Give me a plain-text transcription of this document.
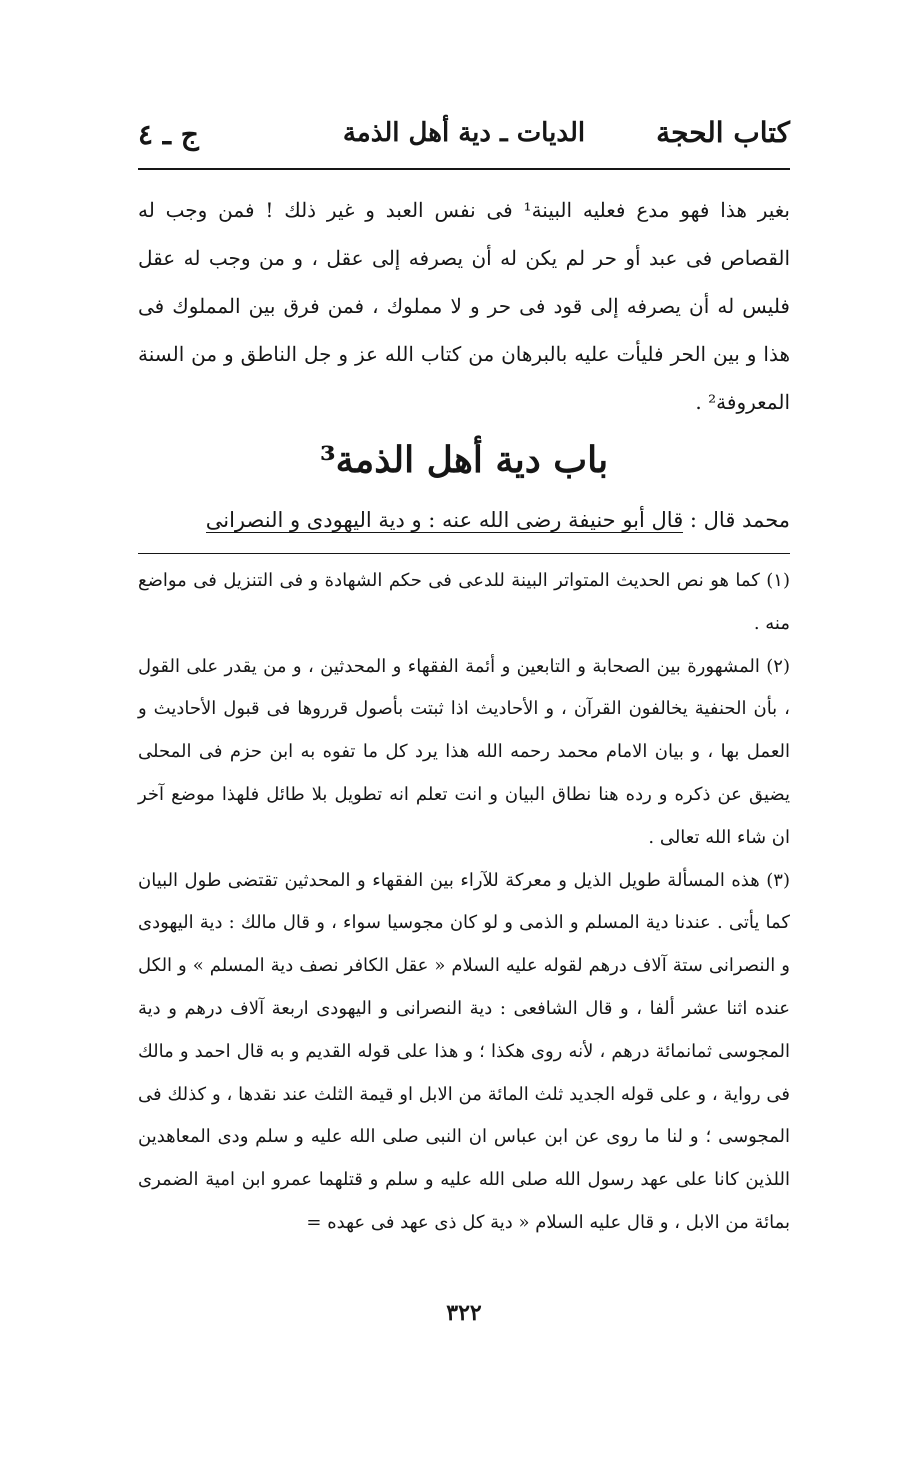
كتاب الحجة
الديات ـ دية أهل الذمة
ج ـ ٤

بغير هذا فهو مدع فعليه البينة¹ فى نفس العبد و غير ذلك ! فمن وجب له القصاص فى عبد أو حر لم يكن له أن يصرفه إلى عقل ، و من وجب له عقل فليس له أن يصرفه إلى قود فى حر و لا مملوك ، فمن فرق بين المملوك فى هذا و بين الحر فليأت عليه بالبرهان من كتاب الله عز و جل الناطق و من السنة المعروفة² .

باب دية أهل الذمة³
محمد قال : قال أبو حنيفة رضى الله عنه : و دية اليهودى و النصرانى

(١) كما هو نص الحديث المتواتر البينة للدعى فى حكم الشهادة و فى التنزيل فى مواضع منه .

(٢) المشهورة بين الصحابة و التابعين و أئمة الفقهاء و المحدثين ، و من يقدر على القول ، بأن الحنفية يخالفون القرآن ، و الأحاديث اذا ثبتت بأصول قرروها فى قبول الأحاديث و العمل بها ، و بيان الامام محمد رحمه الله هذا يرد كل ما تفوه به ابن حزم فى المحلى يضيق عن ذكره و رده هنا نطاق البيان و انت تعلم انه تطويل بلا طائل فلهذا موضع آخر ان شاء الله تعالى .

(٣) هذه المسألة طويل الذيل و معركة للآراء بين الفقهاء و المحدثين تقتضى طول البيان كما يأتى . عندنا دية المسلم و الذمى و لو كان مجوسيا سواء ، و قال مالك : دية اليهودى و النصرانى ستة آلاف درهم لقوله عليه السلام « عقل الكافر نصف دية المسلم » و الكل عنده اثنا عشر ألفا ، و قال الشافعى : دية النصرانى و اليهودى اربعة آلاف درهم و دية المجوسى ثمانمائة درهم ، لأنه روى هكذا ؛ و هذا على قوله القديم و به قال احمد و مالك فى رواية ، و على قوله الجديد ثلث المائة من الابل او قيمة الثلث عند نقدها ، و كذلك فى المجوسى ؛ و لنا ما روى عن ابن عباس ان النبى صلى الله عليه و سلم ودى المعاهدين اللذين كانا على عهد رسول الله صلى الله عليه و سلم و قتلهما عمرو ابن امية الضمرى بمائة من الابل ، و قال عليه السلام « دية كل ذى عهد فى عهده =

٣٢٢
